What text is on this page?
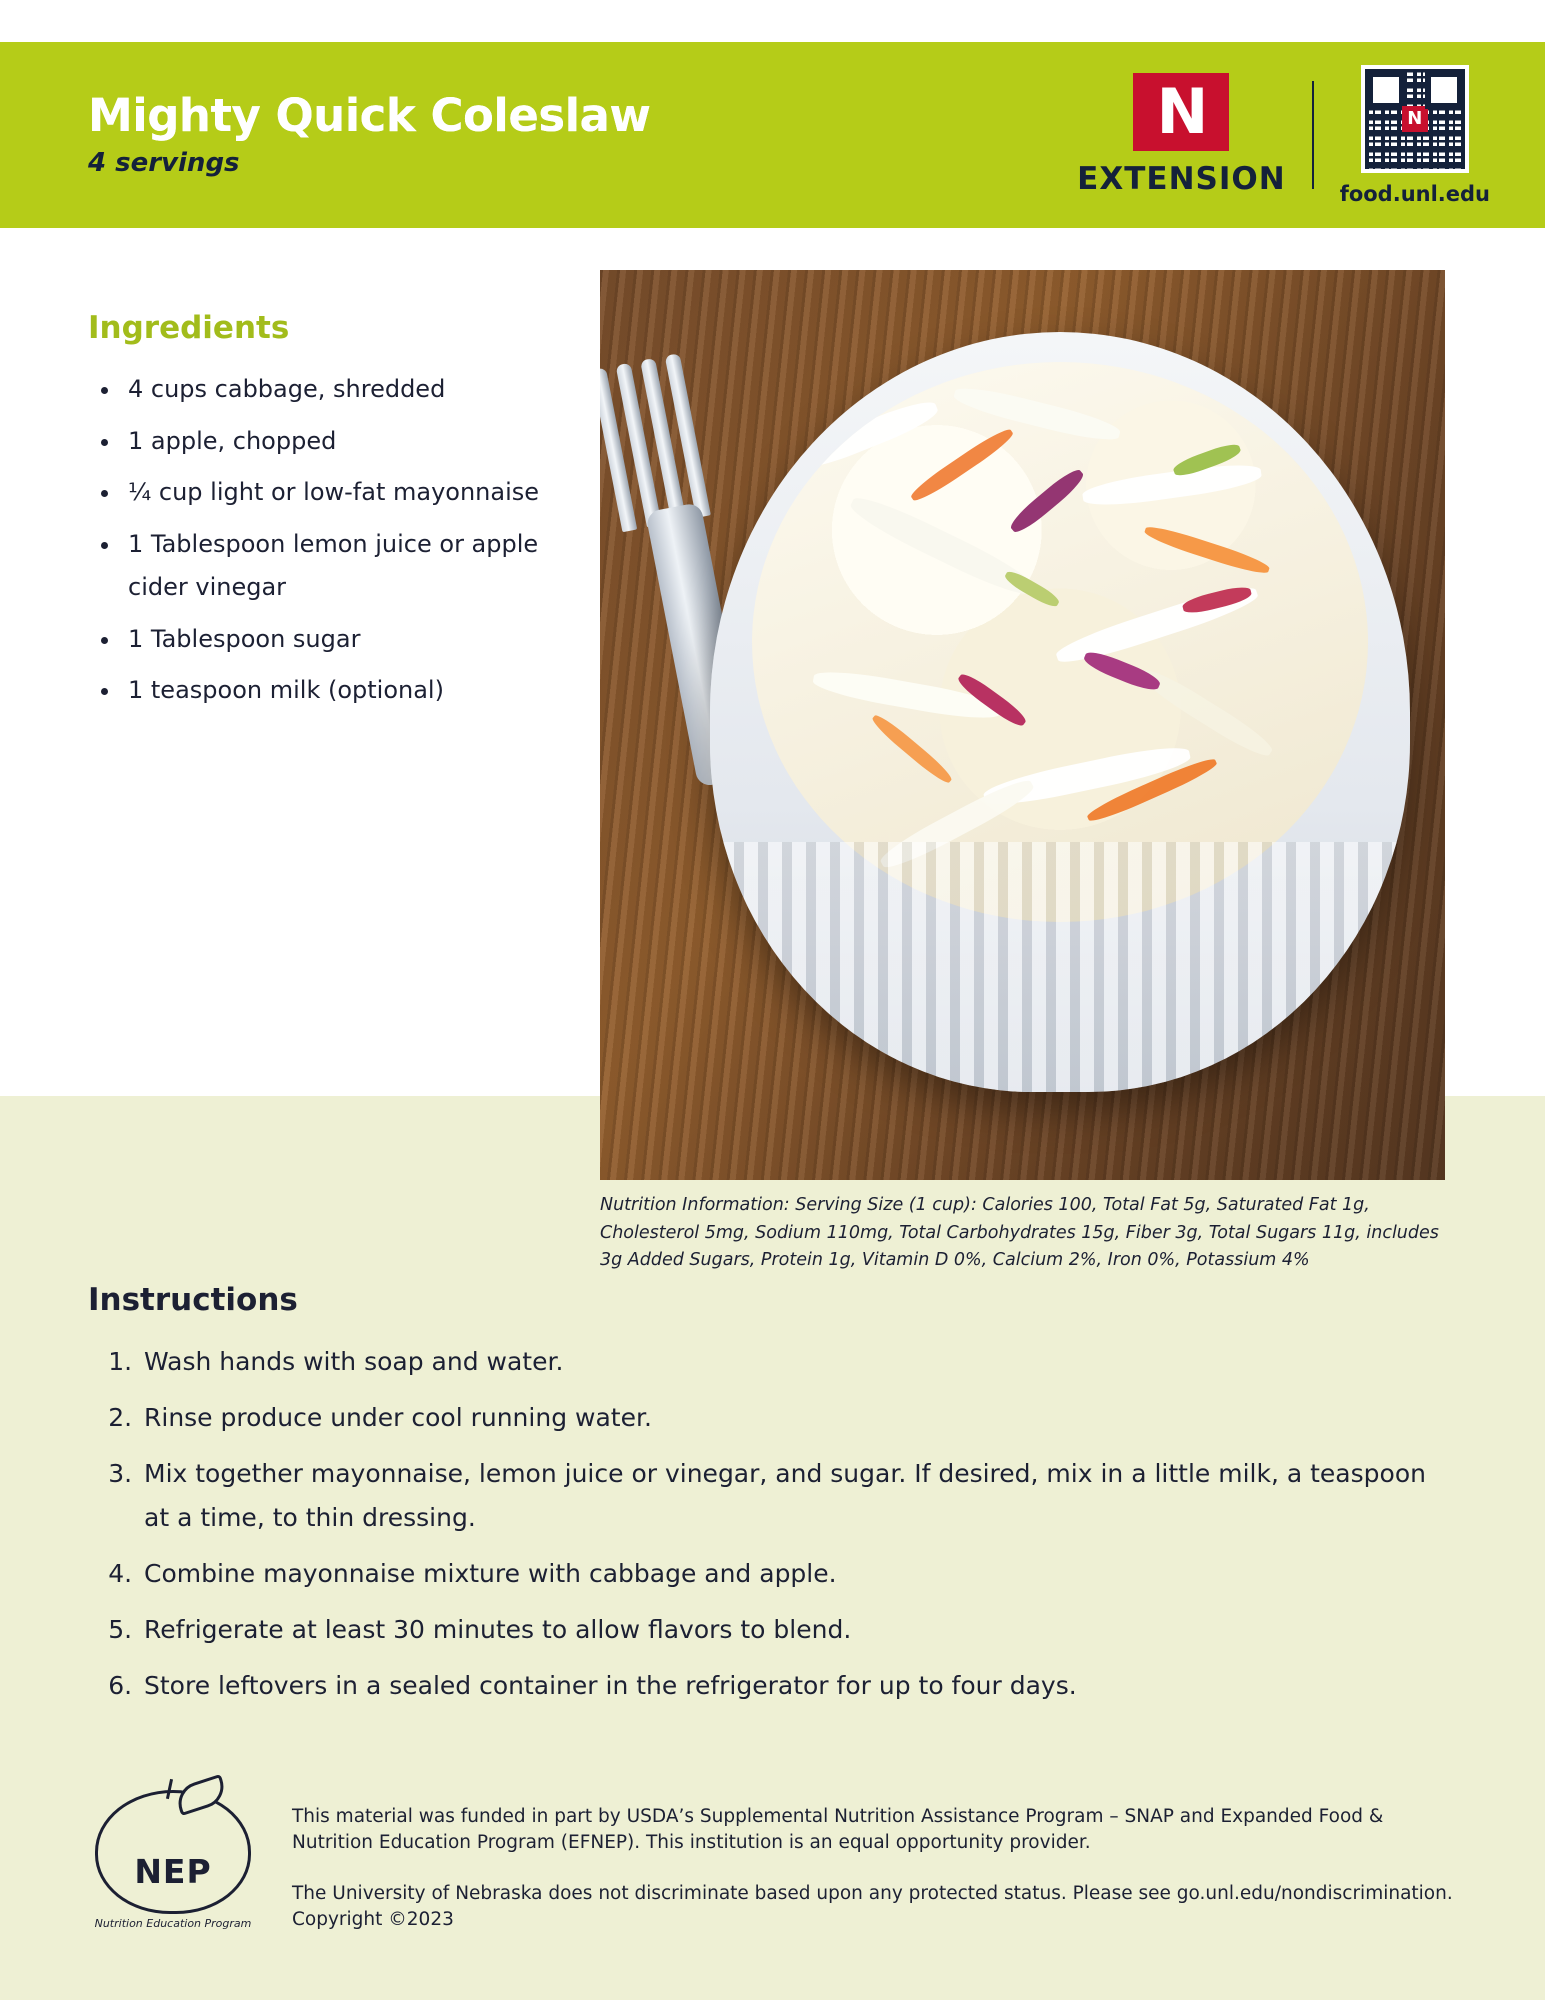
Mighty Quick Coleslaw
4 servings
N
EXTENSION
N
food.unl.edu
Ingredients
• 4 cups cabbage, shredded
• 1 apple, chopped
• ¼ cup light or low-fat mayonnaise
• 1 Tablespoon lemon juice or apple cider vinegar
• 1 Tablespoon sugar
• 1 teaspoon milk (optional)
Nutrition Information: Serving Size (1 cup): Calories 100, Total Fat 5g, Saturated Fat 1g, Cholesterol 5mg, Sodium 110mg, Total Carbohydrates 15g, Fiber 3g, Total Sugars 11g, includes 3g Added Sugars, Protein 1g, Vitamin D 0%, Calcium 2%, Iron 0%, Potassium 4%
Instructions
1. Wash hands with soap and water.
2. Rinse produce under cool running water.
3. Mix together mayonnaise, lemon juice or vinegar, and sugar. If desired, mix in a little milk, a teaspoon at a time, to thin dressing.
4. Combine mayonnaise mixture with cabbage and apple.
5. Refrigerate at least 30 minutes to allow flavors to blend.
6. Store leftovers in a sealed container in the refrigerator for up to four days.
NEP
Nutrition Education Program

This material was funded in part by USDA’s Supplemental Nutrition Assistance Program – SNAP and Expanded Food & Nutrition Education Program (EFNEP). This institution is an equal opportunity provider.

The University of Nebraska does not discriminate based upon any protected status. Please see go.unl.edu/nondiscrimination. Copyright ©2023
